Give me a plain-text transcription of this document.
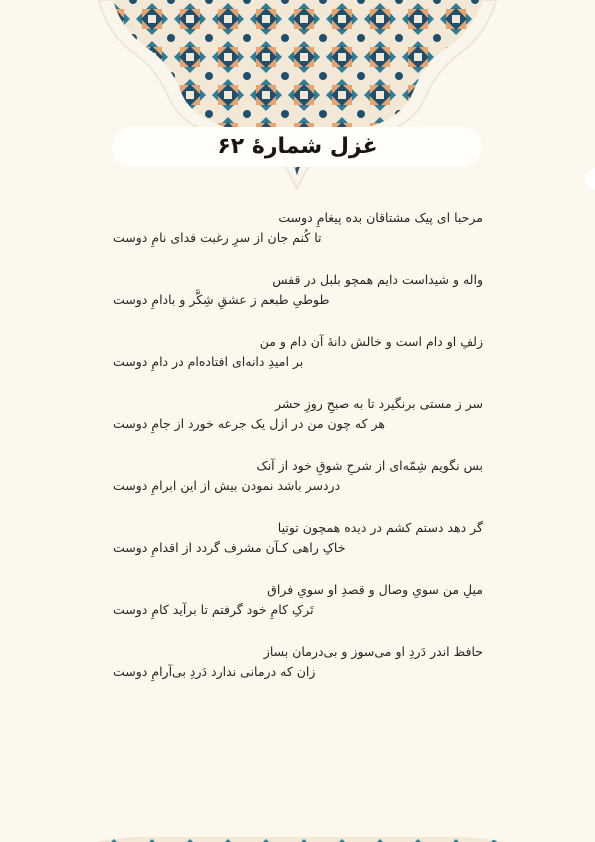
غزل شمارهٔ ۶۲
مرحبا ای پیک مشتاقان بده پیغامِ دوست
تا کُنم جان از سرِ رغبت فدای نامِ دوست
واله و شیداست دایم همچو بلبل در قفس
طوطیِ طبعم ز عشقِ شِکَّر و بادامِ دوست
زلفِ او دام است و خالش دانهٔ آن دام و من
بر امیدِ دانه‌ای افتاده‌ام در دامِ دوست
سر ز مستی برنگیرد تا به صبحِ روزِ حشر
هر که چون من در ازل یک جرعه خورد از جامِ دوست
بس نگویم شِمّه‌ای از شرحِ شوقِ خود از آنک
دردسر باشد نمودن بیش از این ابرامِ دوست
گر دهد دستم کشم در دیده همچون توتیا
خاکِ راهی کـآن مشرف گردد از اقدامِ دوست
میلِ من سویِ وصال و قصدِ او سویِ فراق
تَرکِ کامِ خود گرفتم تا برآید کامِ دوست
حافظ اندر دَردِ او می‌سوز و بی‌درمان بساز
زان که درمانی ندارد دَردِ بی‌آرامِ دوست
